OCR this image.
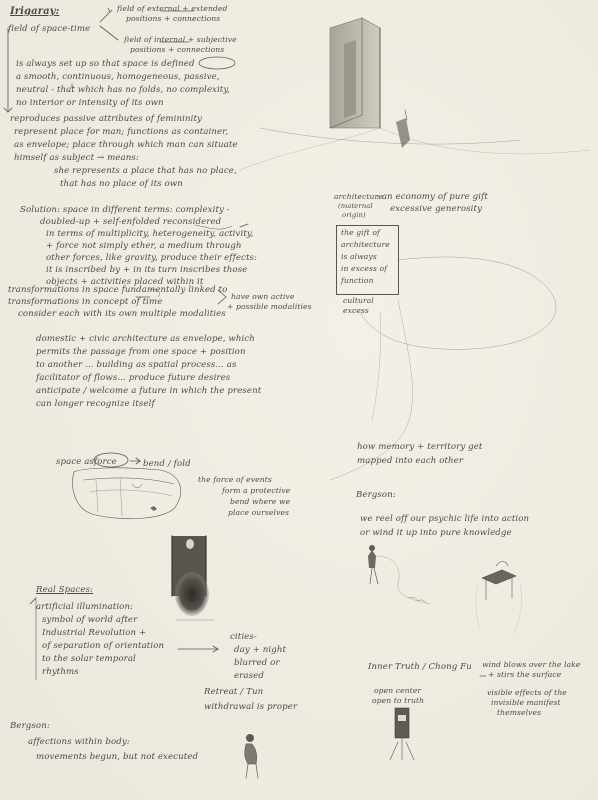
Irigaray:	field of external + extended
positions + connections
field of space-time
field of internal + subjective
positions + connections
is always set up so that space is defined
a smooth, continuous, homogeneous, passive,
neutral - that which has no folds, no complexity,
no interior or intensity of its own
reproduces passive attributes of femininity
represent place for man; functions as container,
as envelope; place through which man can situate
himself as subject → means:
she represents a place that has no place,
that has no place of its own
Solution: space in different terms: complexity -
doubled-up + self-enfolded reconsidered
in terms of multiplicity, heterogeneity, activity,
+ force not simply ether, a medium through
other forces, like gravity, produce their effects:
it is inscribed by + in its turn inscribes those
objects + activities placed within it
architecture
(maternal
origin)
: an economy of pure gift
excessive generosity
the gift of
architecture
is always
in excess of
function
cultural
excess
transformations in space fundamentally linked to
transformations in concept of time
have own active
+ possible modalities
consider each with its own multiple modalities
domestic + civic architecture as envelope, which
permits the passage from one space + position
to another ... building as spatial process... as
facilitator of flows... produce future desires
anticipate / welcome a future in which the present
can longer recognize itself
how memory + territory get
mapped into each other
space as force	bend / fold
the force of events
form a protective
bend where we
place ourselves
Bergson:
we reel off our psychic life into action
or wind it up into pure knowledge
Real Spaces:
artificial illumination:
symbol of world after
Industrial Revolution +
of separation of orientation
to the solar temporal
rhythms
cities-
day + night
blurred or
erased
Inner Truth / Chong Fu wind blows over the lake
+ stirs the surface
visible effects of the
invisible manifest
themselves
open center
open to truth
Retreat / Tun
withdrawal is proper
Bergson:
affections within body:
movements begun, but not executed
